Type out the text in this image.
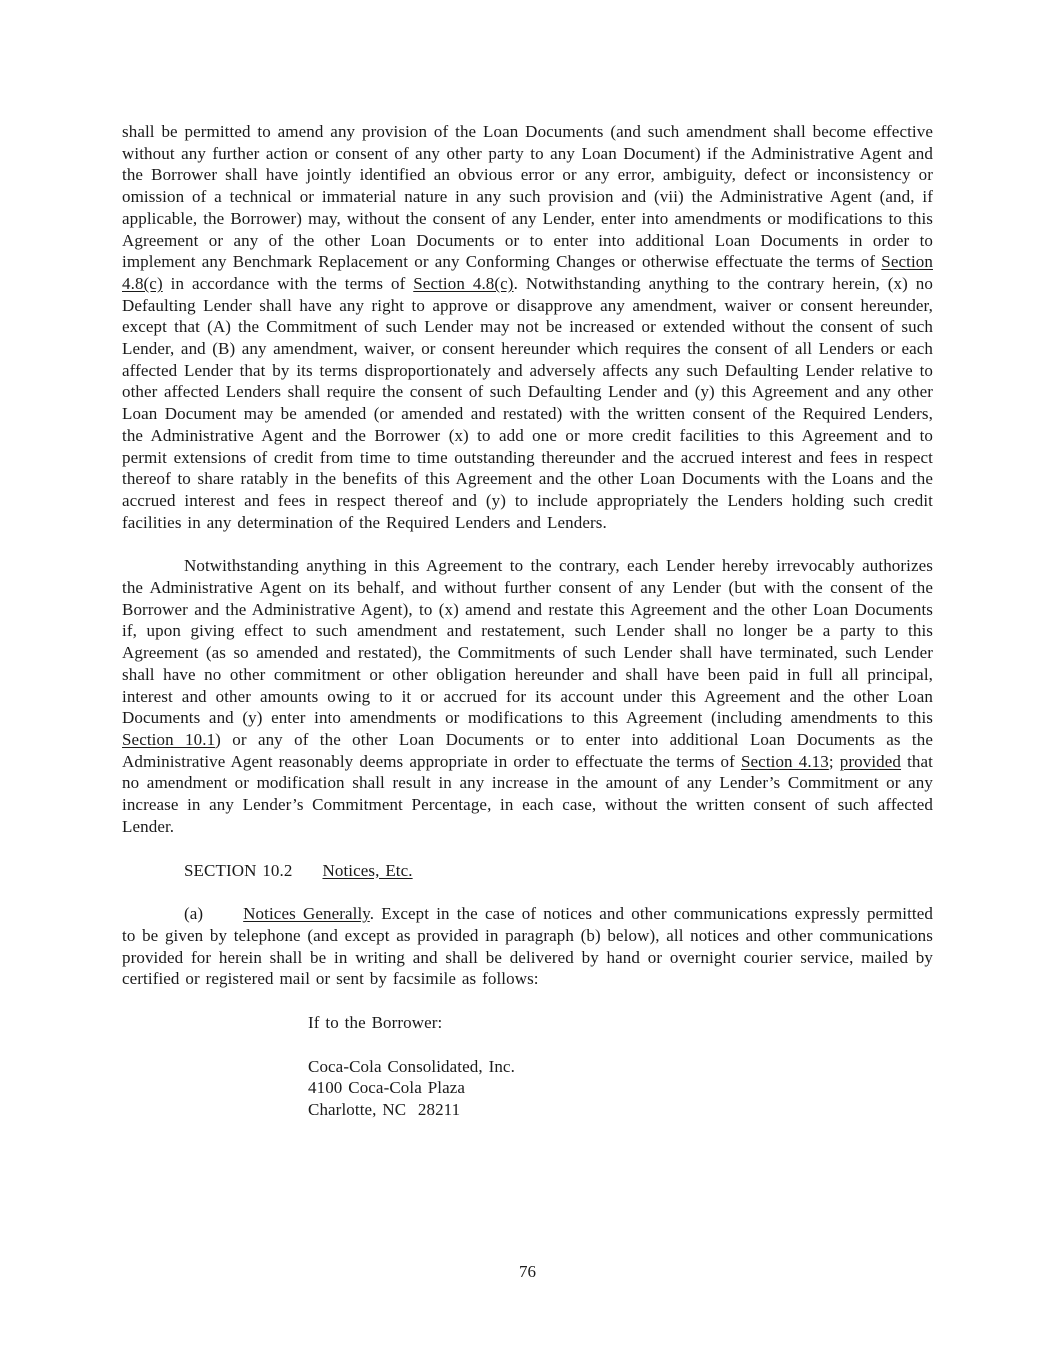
shall be permitted to amend any provision of the Loan Documents (and such amendment shall become effective without any further action or consent of any other party to any Loan Document) if the Administrative Agent and the Borrower shall have jointly identified an obvious error or any error, ambiguity, defect or inconsistency or omission of a technical or immaterial nature in any such provision and (vii) the Administrative Agent (and, if applicable, the Borrower) may, without the consent of any Lender, enter into amendments or modifications to this Agreement or any of the other Loan Documents or to enter into additional Loan Documents in order to implement any Benchmark Replacement or any Conforming Changes or otherwise effectuate the terms of Section 4.8(c) in accordance with the terms of Section 4.8(c). Notwithstanding anything to the contrary herein, (x) no Defaulting Lender shall have any right to approve or disapprove any amendment, waiver or consent hereunder, except that (A) the Commitment of such Lender may not be increased or extended without the consent of such Lender, and (B) any amendment, waiver, or consent hereunder which requires the consent of all Lenders or each affected Lender that by its terms disproportionately and adversely affects any such Defaulting Lender relative to other affected Lenders shall require the consent of such Defaulting Lender and (y) this Agreement and any other Loan Document may be amended (or amended and restated) with the written consent of the Required Lenders, the Administrative Agent and the Borrower (x) to add one or more credit facilities to this Agreement and to permit extensions of credit from time to time outstanding thereunder and the accrued interest and fees in respect thereof to share ratably in the benefits of this Agreement and the other Loan Documents with the Loans and the accrued interest and fees in respect thereof and (y) to include appropriately the Lenders holding such credit facilities in any determination of the Required Lenders and Lenders.

Notwithstanding anything in this Agreement to the contrary, each Lender hereby irrevocably authorizes the Administrative Agent on its behalf, and without further consent of any Lender (but with the consent of the Borrower and the Administrative Agent), to (x) amend and restate this Agreement and the other Loan Documents if, upon giving effect to such amendment and restatement, such Lender shall no longer be a party to this Agreement (as so amended and restated), the Commitments of such Lender shall have terminated, such Lender shall have no other commitment or other obligation hereunder and shall have been paid in full all principal, interest and other amounts owing to it or accrued for its account under this Agreement and the other Loan Documents and (y) enter into amendments or modifications to this Agreement (including amendments to this Section 10.1) or any of the other Loan Documents or to enter into additional Loan Documents as the Administrative Agent reasonably deems appropriate in order to effectuate the terms of Section 4.13; provided that no amendment or modification shall result in any increase in the amount of any Lender’s Commitment or any increase in any Lender’s Commitment Percentage, in each case, without the written consent of such affected Lender.

SECTION 10.2 Notices, Etc.

(a) Notices Generally. Except in the case of notices and other communications expressly permitted to be given by telephone (and except as provided in paragraph (b) below), all notices and other communications provided for herein shall be in writing and shall be delivered by hand or overnight courier service, mailed by certified or registered mail or sent by facsimile as follows:

If to the Borrower:
Coca-Cola Consolidated, Inc.
4100 Coca-Cola Plaza
Charlotte, NC  28211
76
